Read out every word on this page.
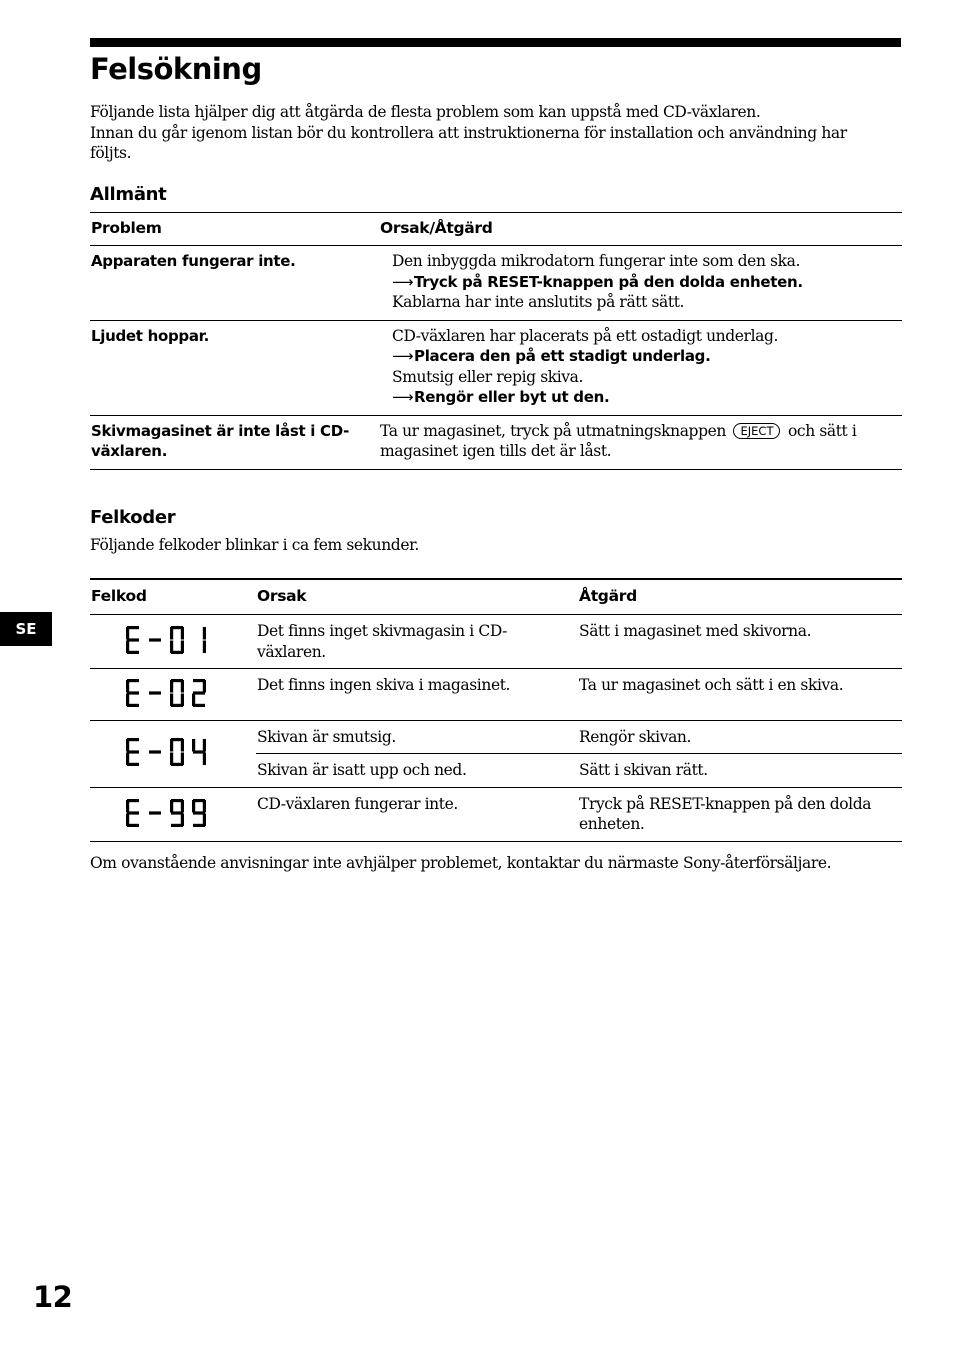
Felsökning

Följande lista hjälper dig att åtgärda de flesta problem som kan uppstå med CD-växlaren.
Innan du går igenom listan bör du kontrollera att instruktionerna för installation och användning har följts.

Allmänt
Problem	Orsak/Åtgärd
Apparaten fungerar inte.	Den inbyggda mikrodatorn fungerar inte som den ska.
⟶Tryck på RESET-knappen på den dolda enheten.
Kablarna har inte anslutits på rätt sätt.

Ljudet hoppar.	CD-växlaren har placerats på ett ostadigt underlag.
⟶Placera den på ett stadigt underlag.
Smutsig eller repig skiva.
⟶Rengör eller byt ut den.

Skivmagasinet är inte låst i CD-växlaren.	Ta ur magasinet, tryck på utmatningsknappen EJECT och sätt i magasinet igen tills det är låst.
Felkoder

Följande felkoder blinkar i ca fem sekunder.

Felkod	Orsak	Åtgärd

	Det finns inget skivmagasin i CD-växlaren.	Sätt i magasinet med skivorna.

	Det finns ingen skiva i magasinet.	Ta ur magasinet och sätt i en skiva.

	Skivan är smutsig.	Rengör skivan.
	Skivan är isatt upp och ned.	Sätt i skivan rätt.

	CD-växlaren fungerar inte.	Tryck på RESET-knappen på den dolda enheten.

Om ovanstående anvisningar inte avhjälper problemet, kontaktar du närmaste Sony-återförsäljare.

SE
12
